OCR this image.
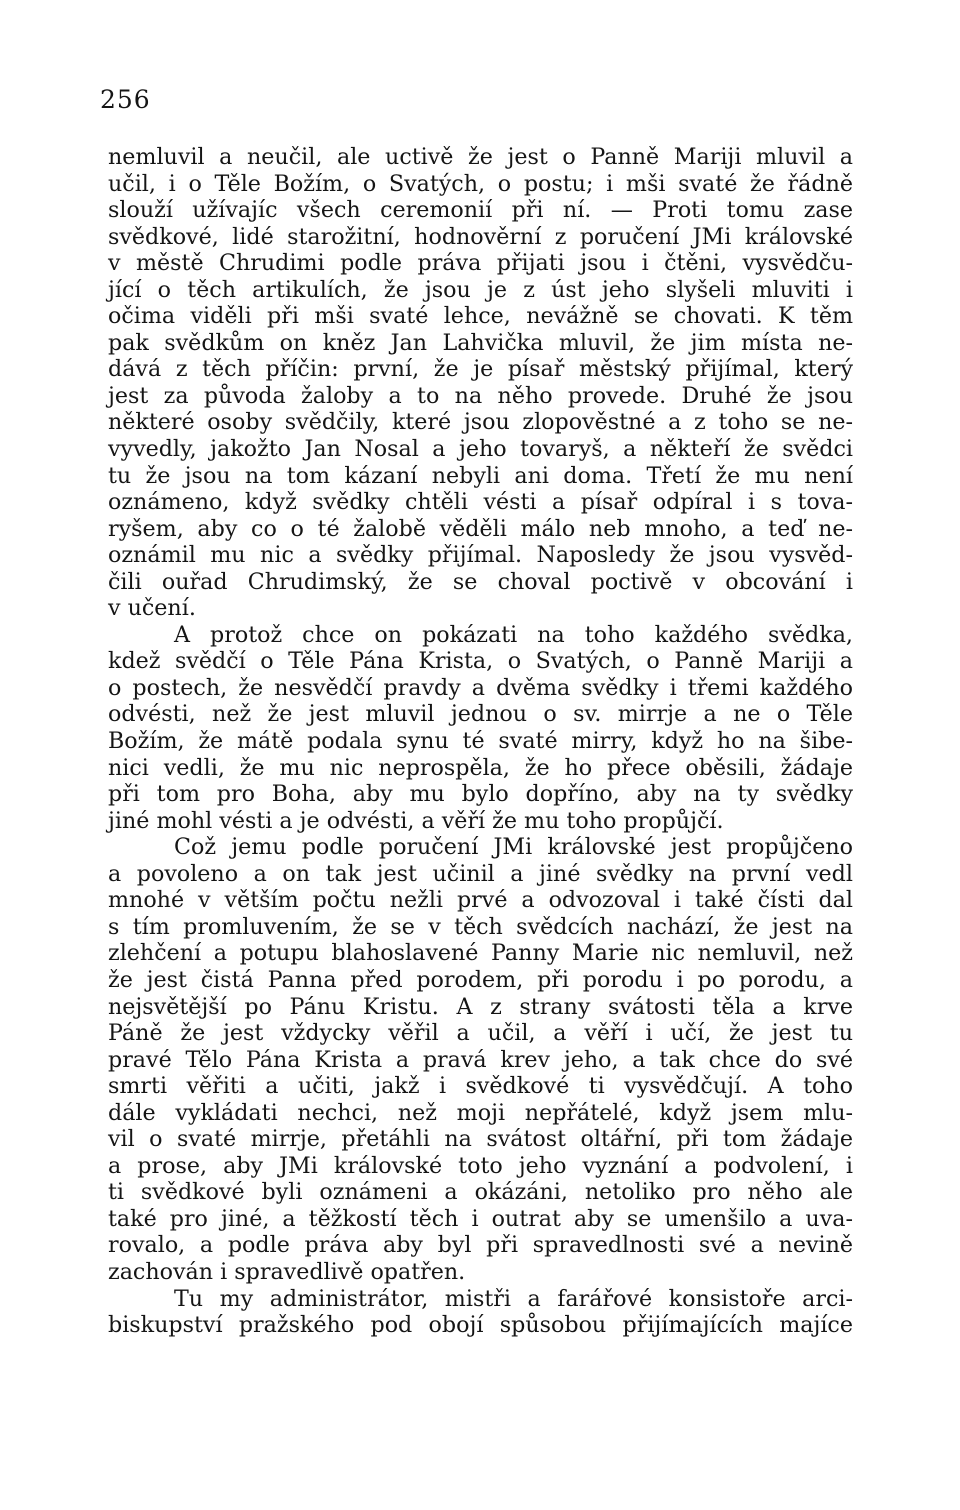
256
nemluvil a neučil, ale uctivě že jest o Panně Mariji mluvil a
učil, i o Těle Božím, o Svatých, o postu; i mši svaté že řádně
slouží užívajíc všech ceremonií při ní. — Proti tomu zase
svědkové, lidé starožitní, hodnověrní z poručení JMi královské
v městě Chrudimi podle práva přijati jsou i čtěni, vysvědču-
jící o těch artikulích, že jsou je z úst jeho slyšeli mluviti i
očima viděli při mši svaté lehce, nevážně se chovati. K těm
pak svědkům on kněz Jan Lahvička mluvil, že jim místa ne-
dává z těch příčin: první, že je písař městský přijímal, který
jest za původa žaloby a to na něho provede. Druhé že jsou
některé osoby svědčily, které jsou zlopověstné a z toho se ne-
vyvedly, jakožto Jan Nosal a jeho tovaryš, a někteří že svědci
tu že jsou na tom kázaní nebyli ani doma. Třetí že mu není
oznámeno, když svědky chtěli vésti a písař odpíral i s tova-
ryšem, aby co o té žalobě věděli málo neb mnoho, a teď ne-
oznámil mu nic a svědky přijímal. Naposledy že jsou vysvěd-
čili ouřad Chrudimský, že se choval poctivě v obcování i
v učení.
A protož chce on pokázati na toho každého svědka,
kdež svědčí o Těle Pána Krista, o Svatých, o Panně Mariji a
o postech, že nesvědčí pravdy a dvěma svědky i třemi každého
odvésti, než že jest mluvil jednou o sv. mirrje a ne o Těle
Božím, že mátě podala synu té svaté mirry, když ho na šibe-
nici vedli, že mu nic neprospěla, že ho přece oběsili, žádaje
při tom pro Boha, aby mu bylo dopříno, aby na ty svědky
jiné mohl vésti a je odvésti, a věří že mu toho propůjčí.
Což jemu podle poručení JMi královské jest propůjčeno
a povoleno a on tak jest učinil a jiné svědky na první vedl
mnohé v větším počtu nežli prvé a odvozoval i také čísti dal
s tím promluvením, že se v těch svědcích nachází, že jest na
zlehčení a potupu blahoslavené Panny Marie nic nemluvil, než
že jest čistá Panna před porodem, při porodu i po porodu, a
nejsvětější po Pánu Kristu. A z strany svátosti těla a krve
Páně že jest vždycky věřil a učil, a věří i učí, že jest tu
pravé Tělo Pána Krista a pravá krev jeho, a tak chce do své
smrti věřiti a učiti, jakž i svědkové ti vysvědčují. A toho
dále vykládati nechci, než moji nepřátelé, když jsem mlu-
vil o svaté mirrje, přetáhli na svátost oltářní, při tom žádaje
a prose, aby JMi královské toto jeho vyznání a podvolení, i
ti svědkové byli oznámeni a okázáni, netoliko pro něho ale
také pro jiné, a těžkostí těch i outrat aby se umenšilo a uva-
rovalo, a podle práva aby byl při spravedlnosti své a nevině
zachován i spravedlivě opatřen.
Tu my administrátor, mistři a farářové konsistoře arci-
biskupství pražského pod obojí spůsobou přijímajících majíce
